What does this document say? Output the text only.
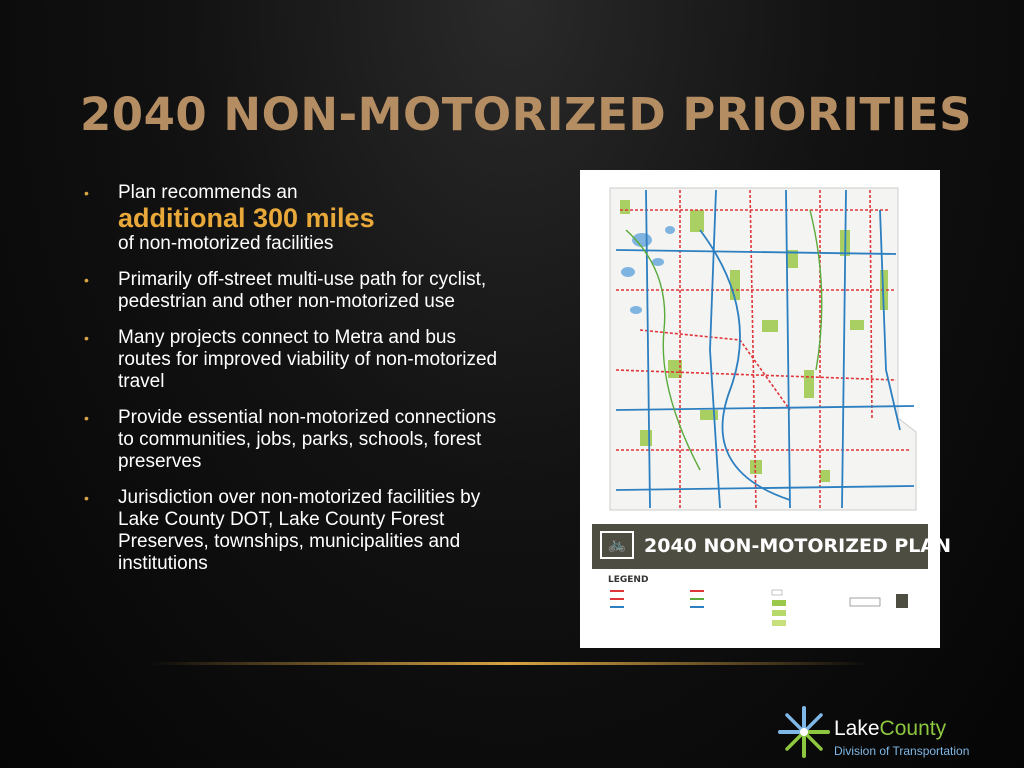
2040 NON-MOTORIZED PRIORITIES
• Plan recommends an
additional 300 miles
of non-motorized facilities
• Primarily off-street multi-use path for cyclist, pedestrian and other non-motorized use
• Many projects connect to Metra and bus routes for improved viability of non-motorized travel
• Provide essential non-motorized connections to communities, jobs, parks, schools, forest preserves
• Jurisdiction over non-motorized facilities by Lake County DOT, Lake County Forest Preserves, townships, municipalities and institutions
🚲 2040 NON-MOTORIZED PLAN
LEGEND
LakeCounty
Division of Transportation
